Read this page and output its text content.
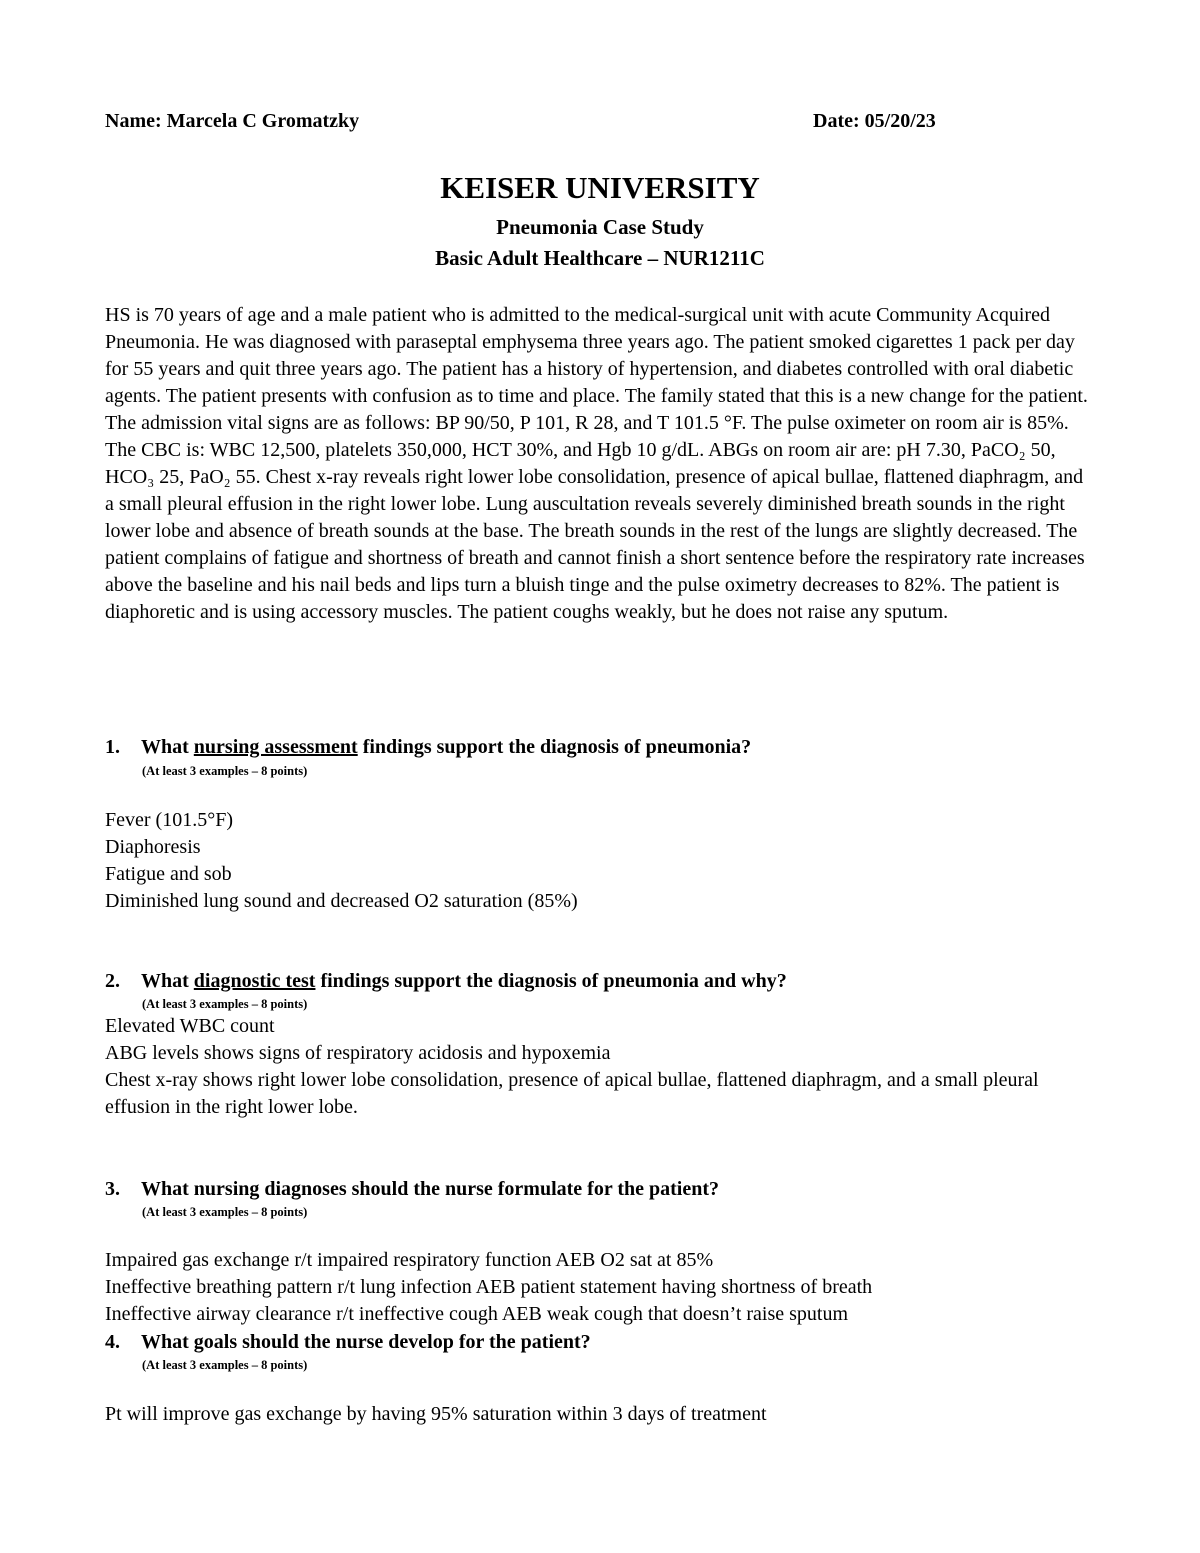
Name: Marcela C Gromatzky	Date: 05/20/23
KEISER UNIVERSITY
Pneumonia Case Study
Basic Adult Healthcare – NUR1211C

HS is 70 years of age and a male patient who is admitted to the medical-surgical unit with acute Community Acquired Pneumonia. He was diagnosed with paraseptal emphysema three years ago. The patient smoked cigarettes 1 pack per day for 55 years and quit three years ago. The patient has a history of hypertension, and diabetes controlled with oral diabetic agents. The patient presents with confusion as to time and place. The family stated that this is a new change for the patient. The admission vital signs are as follows: BP 90/50, P 101, R 28, and T 101.5 °F. The pulse oximeter on room air is 85%. The CBC is: WBC 12,500, platelets 350,000, HCT 30%, and Hgb 10 g/dL. ABGs on room air are: pH 7.30, PaCO₂ 50, HCO₃ 25, PaO₂ 55. Chest x-ray reveals right lower lobe consolidation, presence of apical bullae, flattened diaphragm, and a small pleural effusion in the right lower lobe. Lung auscultation reveals severely diminished breath sounds in the right lower lobe and absence of breath sounds at the base. The breath sounds in the rest of the lungs are slightly decreased. The patient complains of fatigue and shortness of breath and cannot finish a short sentence before the respiratory rate increases above the baseline and his nail beds and lips turn a bluish tinge and the pulse oximetry decreases to 82%. The patient is diaphoretic and is using accessory muscles. The patient coughs weakly, but he does not raise any sputum.

1. What nursing assessment findings support the diagnosis of pneumonia?
(At least 3 examples – 8 points)
Fever (101.5°F)
Diaphoresis
Fatigue and sob
Diminished lung sound and decreased O2 saturation (85%)
2. What diagnostic test findings support the diagnosis of pneumonia and why?
(At least 3 examples – 8 points)
Elevated WBC count
ABG levels shows signs of respiratory acidosis and hypoxemia
Chest x-ray shows right lower lobe consolidation, presence of apical bullae, flattened diaphragm, and a small pleural effusion in the right lower lobe.
3. What nursing diagnoses should the nurse formulate for the patient?
(At least 3 examples – 8 points)
Impaired gas exchange r/t impaired respiratory function AEB O2 sat at 85%
Ineffective breathing pattern r/t lung infection AEB patient statement having shortness of breath
Ineffective airway clearance r/t ineffective cough AEB weak cough that doesn’t raise sputum
4. What goals should the nurse develop for the patient?
(At least 3 examples – 8 points)
Pt will improve gas exchange by having 95% saturation within 3 days of treatment
